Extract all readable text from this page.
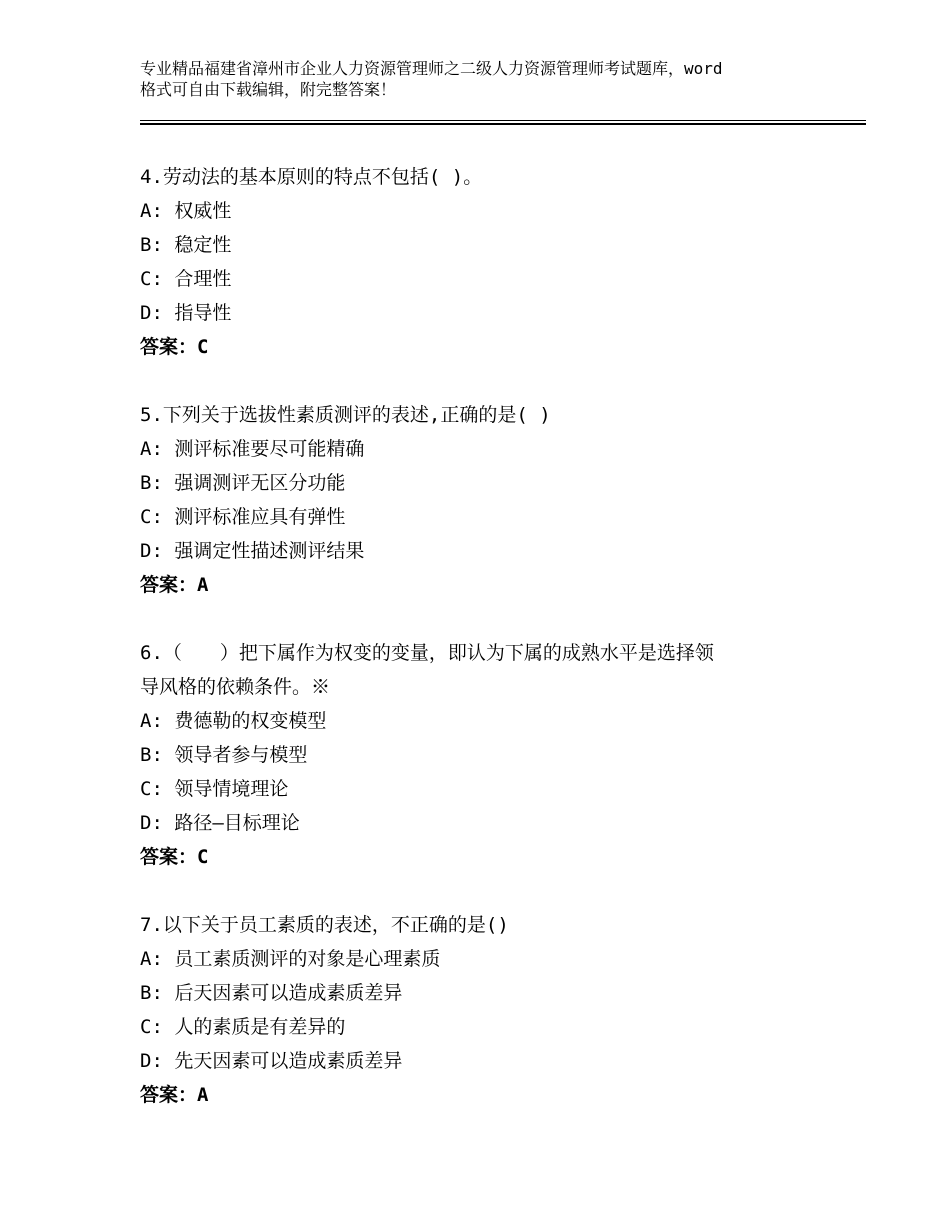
专业精品福建省漳州市企业人力资源管理师之二级人力资源管理师考试题库，word
格式可自由下载编辑，附完整答案！
4.劳动法的基本原则的特点不包括( )。
A: 权威性
B: 稳定性
C: 合理性
D: 指导性
答案：C
5.下列关于选拔性素质测评的表述,正确的是( )
A: 测评标准要尽可能精确
B: 强调测评无区分功能
C: 测评标准应具有弹性
D: 强调定性描述测评结果
答案：A
6.（　　）把下属作为权变的变量，即认为下属的成熟水平是选择领
导风格的依赖条件。※
A: 费德勒的权变模型
B: 领导者参与模型
C: 领导情境理论
D: 路径—目标理论
答案：C
7.以下关于员工素质的表述，不正确的是()
A: 员工素质测评的对象是心理素质
B: 后天因素可以造成素质差异
C: 人的素质是有差异的
D: 先天因素可以造成素质差异
答案：A
